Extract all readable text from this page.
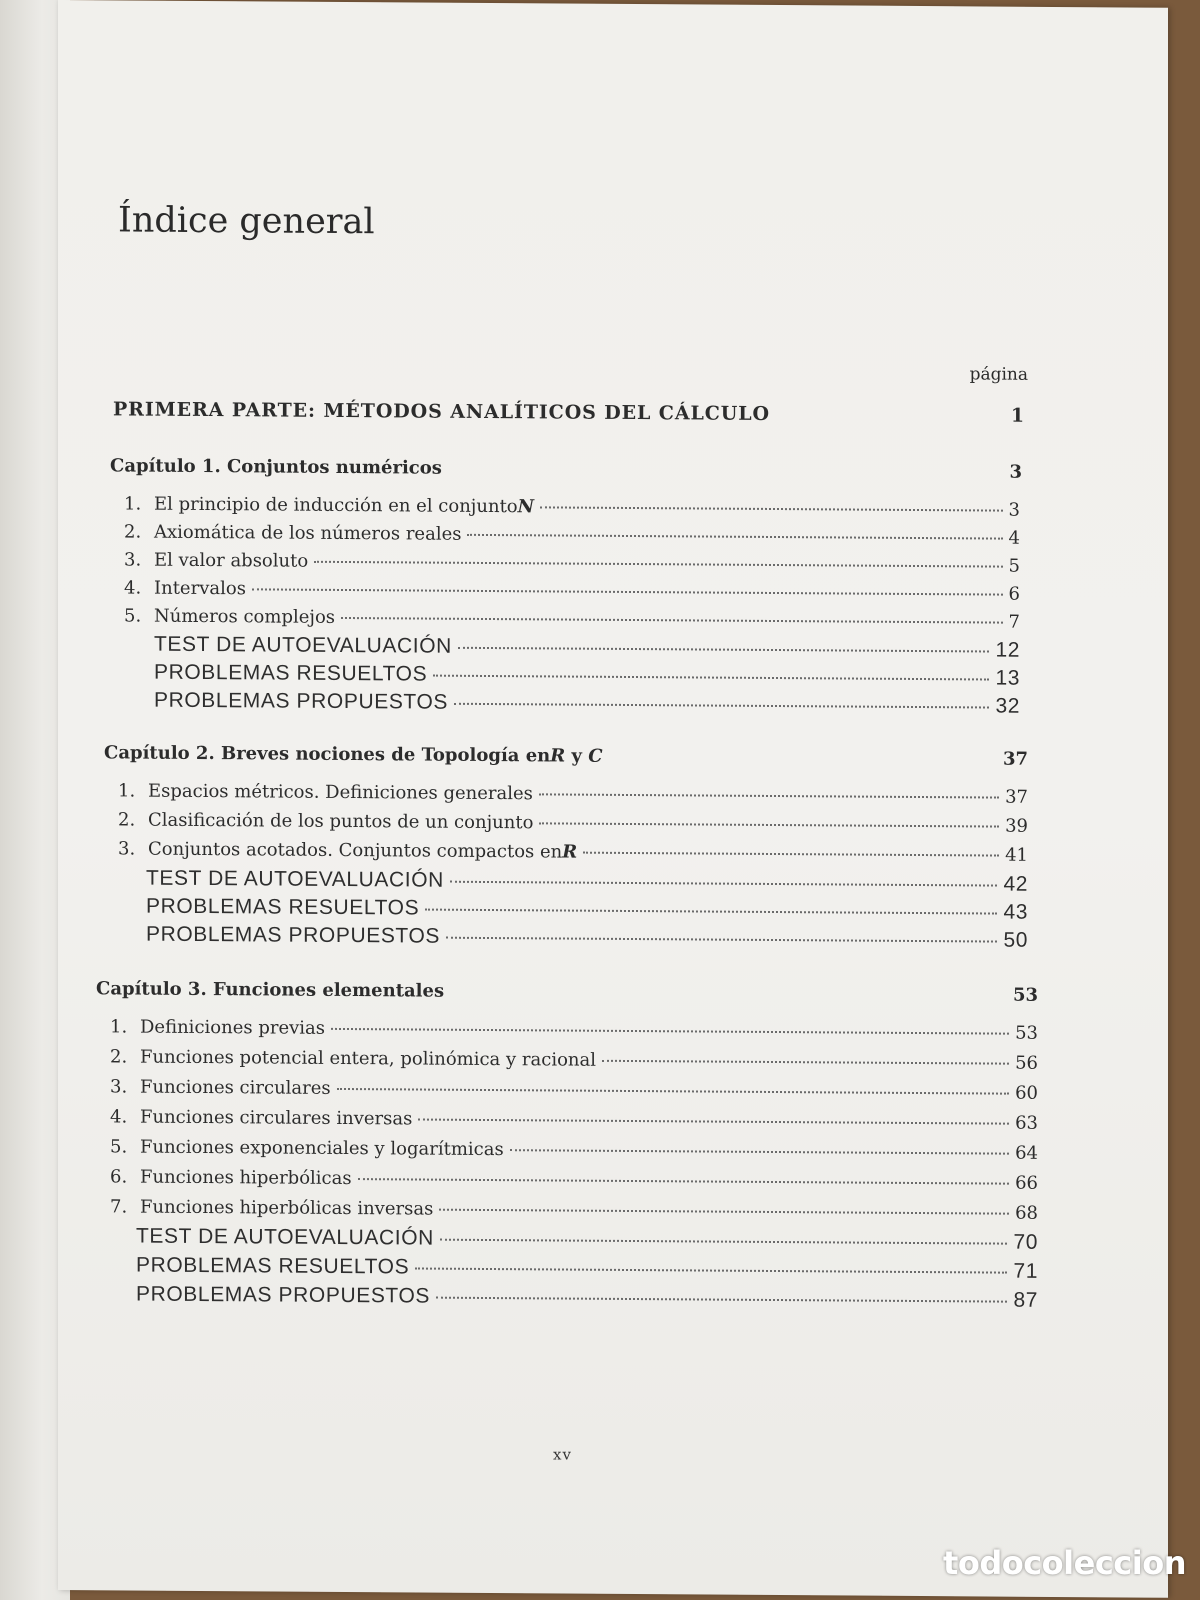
Índice general
página
PRIMERA PARTE: MÉTODOS ANALÍTICOS DEL CÁLCULO	1
Capítulo 1. Conjuntos numéricos	3
1. El principio de inducción en el conjunto N	3
2. Axiomática de los números reales	4
3. El valor absoluto	5
4. Intervalos	6
5. Números complejos	7
TEST DE AUTOEVALUACIÓN	12
PROBLEMAS RESUELTOS	13
PROBLEMAS PROPUESTOS	32
Capítulo 2. Breves nociones de Topología en R y C	37
1. Espacios métricos. Definiciones generales	37
2. Clasificación de los puntos de un conjunto	39
3. Conjuntos acotados. Conjuntos compactos en R	41
TEST DE AUTOEVALUACIÓN	42
PROBLEMAS RESUELTOS	43
PROBLEMAS PROPUESTOS	50
Capítulo 3. Funciones elementales	53
1. Definiciones previas	53
2. Funciones potencial entera, polinómica y racional	56
3. Funciones circulares	60
4. Funciones circulares inversas	63
5. Funciones exponenciales y logarítmicas	64
6. Funciones hiperbólicas	66
7. Funciones hiperbólicas inversas	68
TEST DE AUTOEVALUACIÓN	70
PROBLEMAS RESUELTOS	71
PROBLEMAS PROPUESTOS	87
xv
todocoleccion
